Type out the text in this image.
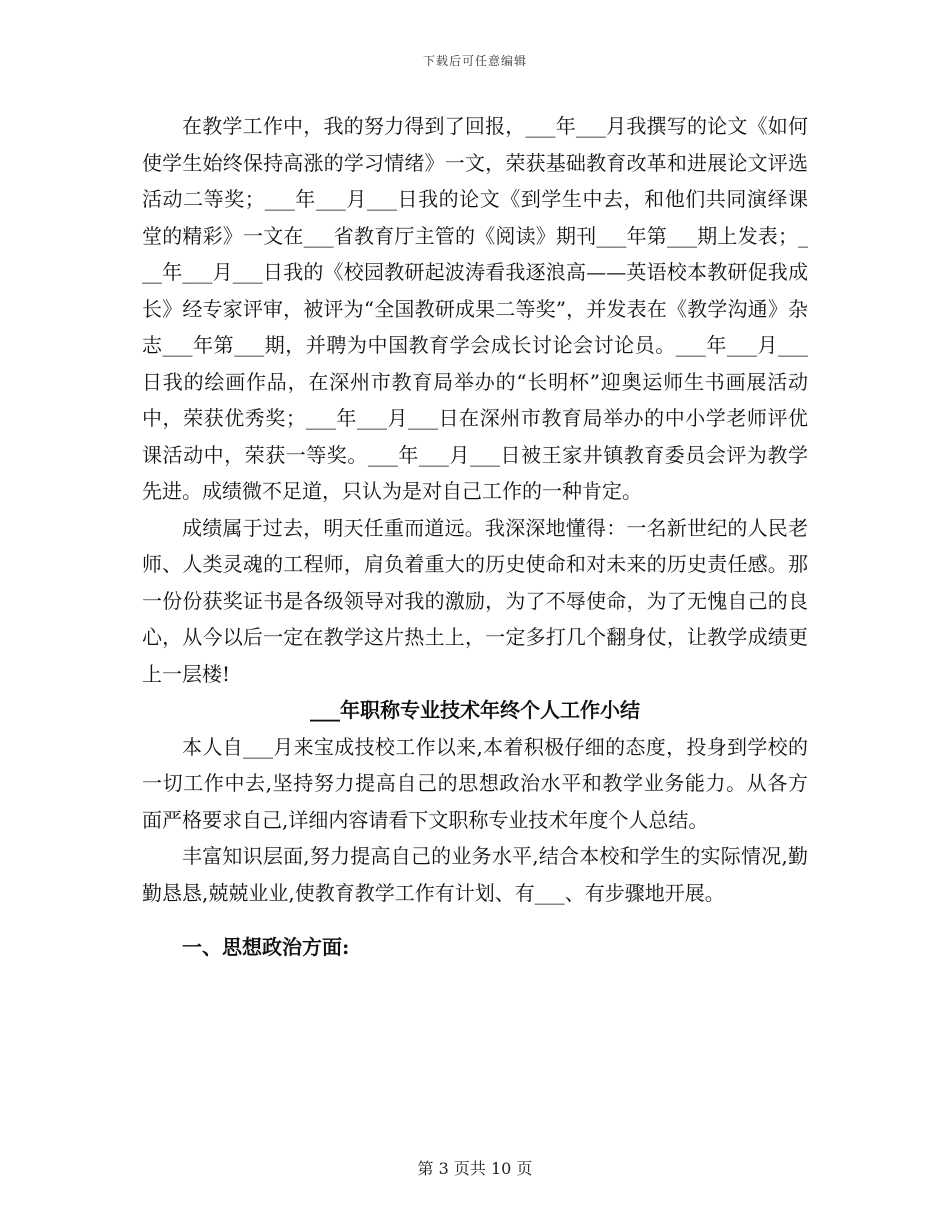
下载后可任意编辑

在教学工作中，我的努力得到了回报，___年___月我撰写的论文《如何使学生始终保持高涨的学习情绪》一文，荣获基础教育改革和进展论文评选活动二等奖；___年___月___日我的论文《到学生中去，和他们共同演绎课堂的精彩》一文在___省教育厅主管的《阅读》期刊___年第___期上发表；___年___月___日我的《校园教研起波涛看我逐浪高——英语校本教研促我成长》经专家评审，被评为“全国教研成果二等奖”，并发表在《教学沟通》杂志___年第___期，并聘为中国教育学会成长讨论会讨论员。___年___月___日我的绘画作品，在深州市教育局举办的“长明杯”迎奥运师生书画展活动中，荣获优秀奖；___年___月___日在深州市教育局举办的中小学老师评优课活动中，荣获一等奖。___年___月___日被王家井镇教育委员会评为教学先进。成绩微不足道，只认为是对自己工作的一种肯定。

成绩属于过去，明天任重而道远。我深深地懂得：一名新世纪的人民老师、人类灵魂的工程师，肩负着重大的历史使命和对未来的历史责任感。那一份份获奖证书是各级领导对我的激励，为了不辱使命，为了无愧自己的良心，从今以后一定在教学这片热土上，一定多打几个翻身仗，让教学成绩更上一层楼!

___年职称专业技术年终个人工作小结

本人自___月来宝成技校工作以来,本着积极仔细的态度，投身到学校的一切工作中去,坚持努力提高自己的思想政治水平和教学业务能力。从各方面严格要求自己,详细内容请看下文职称专业技术年度个人总结。

丰富知识层面,努力提高自己的业务水平,结合本校和学生的实际情况,勤勤恳恳,兢兢业业,使教育教学工作有计划、有___、有步骤地开展。

一、思想政治方面:
第 3 页共 10 页
